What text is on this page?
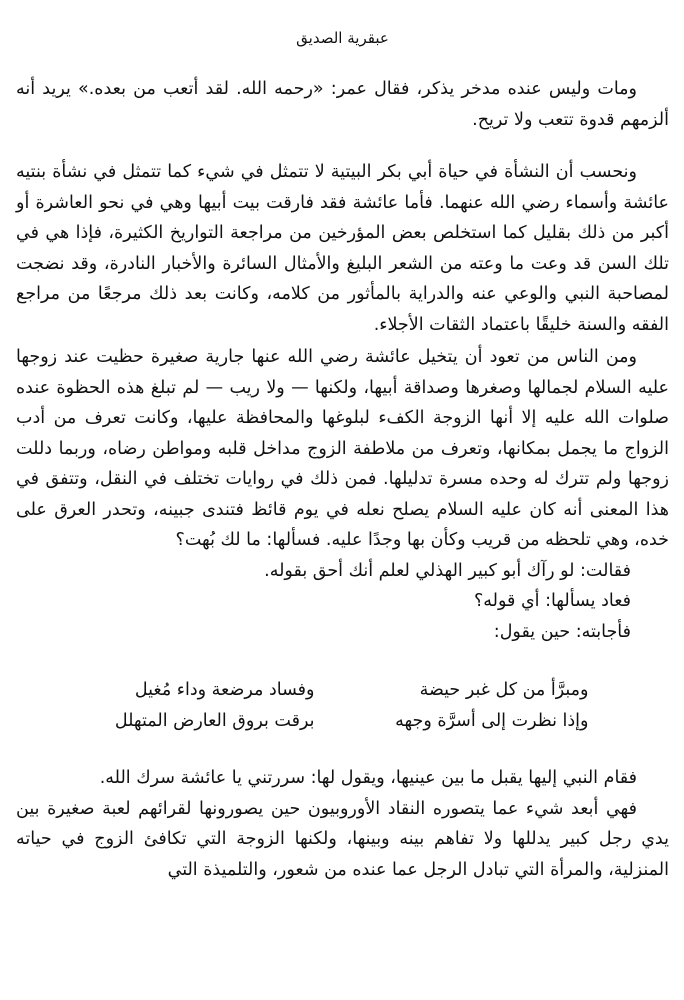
عبقرية الصديق

ومات وليس عنده مدخر يذكر، فقال عمر: «رحمه الله. لقد أتعب من بعده.» يريد أنه ألزمهم قدوة تتعب ولا تريح.

ونحسب أن النشأة في حياة أبي بكر البيتية لا تتمثل في شيء كما تتمثل في نشأة بنتيه عائشة وأسماء رضي الله عنهما. فأما عائشة فقد فارقت بيت أبيها وهي في نحو العاشرة أو أكبر من ذلك بقليل كما استخلص بعض المؤرخين من مراجعة التواريخ الكثيرة، فإذا هي في تلك السن قد وعت ما وعته من الشعر البليغ والأمثال السائرة والأخبار النادرة، وقد نضجت لمصاحبة النبي والوعي عنه والدراية بالمأثور من كلامه، وكانت بعد ذلك مرجعًا من مراجع الفقه والسنة خليقًا باعتماد الثقات الأجلاء.

ومن الناس من تعود أن يتخيل عائشة رضي الله عنها جارية صغيرة حظيت عند زوجها عليه السلام لجمالها وصغرها وصداقة أبيها، ولكنها — ولا ريب — لم تبلغ هذه الحظوة عنده صلوات الله عليه إلا أنها الزوجة الكفء لبلوغها والمحافظة عليها، وكانت تعرف من أدب الزواج ما يجمل بمكانها، وتعرف من ملاطفة الزوج مداخل قلبه ومواطن رضاه، وربما دللت زوجها ولم تترك له وحده مسرة تدليلها. فمن ذلك في روايات تختلف في النقل، وتتفق في هذا المعنى أنه كان عليه السلام يصلح نعله في يوم قائظ فتندى جبينه، وتحدر العرق على خده، وهي تلحظه من قريب وكأن بها وجدًا عليه. فسألها: ما لك بُهت؟

فقالت: لو رآك أبو كبير الهذلي لعلم أنك أحق بقوله.

فعاد يسألها: أي قوله؟

فأجابته: حين يقول:

ومبرَّأ من كل غبر حيضة
وفساد مرضعة وداء مُغيل
وإذا نظرت إلى أسرَّة وجهه
برقت بروق العارض المتهلل

فقام النبي إليها يقبل ما بين عينيها، ويقول لها: سررتني يا عائشة سرك الله.

فهي أبعد شيء عما يتصوره النقاد الأوروبيون حين يصورونها لقرائهم لعبة صغيرة بين يدي رجل كبير يدللها ولا تفاهم بينه وبينها، ولكنها الزوجة التي تكافئ الزوج في حياته المنزلية، والمرأة التي تبادل الرجل عما عنده من شعور، والتلميذة التي
